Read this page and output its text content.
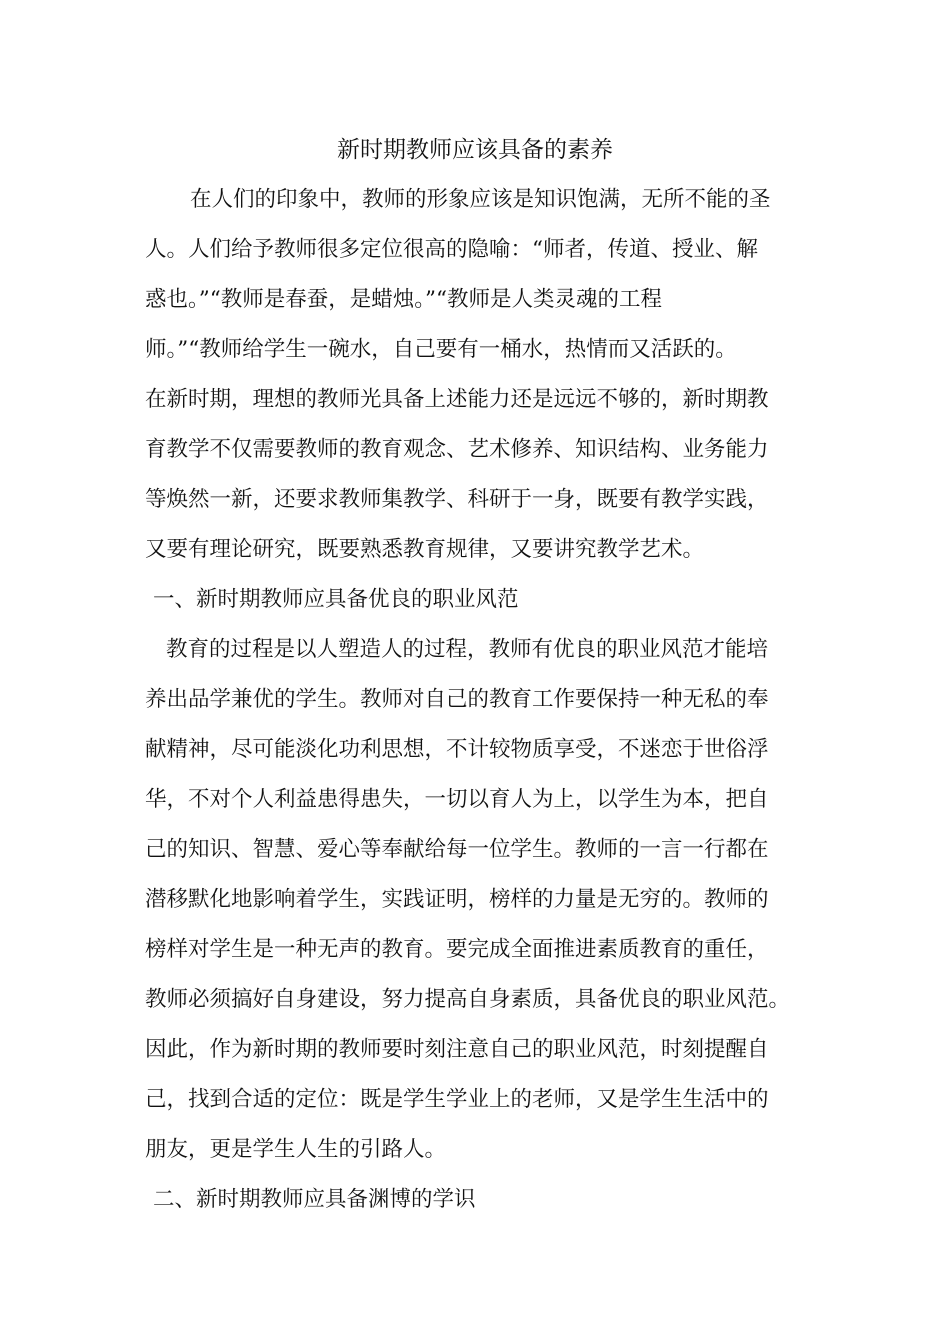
新时期教师应该具备的素养
在人们的印象中，教师的形象应该是知识饱满，无所不能的圣
人。人们给予教师很多定位很高的隐喻：“师者，传道、授业、解
惑也。”“教师是春蚕，是蜡烛。”“教师是人类灵魂的工程
师。”“教师给学生一碗水，自己要有一桶水，热情而又活跃的。
在新时期，理想的教师光具备上述能力还是远远不够的，新时期教
育教学不仅需要教师的教育观念、艺术修养、知识结构、业务能力
等焕然一新，还要求教师集教学、科研于一身，既要有教学实践，
又要有理论研究，既要熟悉教育规律，又要讲究教学艺术。
一、新时期教师应具备优良的职业风范
教育的过程是以人塑造人的过程，教师有优良的职业风范才能培
养出品学兼优的学生。教师对自己的教育工作要保持一种无私的奉
献精神，尽可能淡化功利思想，不计较物质享受，不迷恋于世俗浮
华，不对个人利益患得患失，一切以育人为上，以学生为本，把自
己的知识、智慧、爱心等奉献给每一位学生。教师的一言一行都在
潜移默化地影响着学生，实践证明，榜样的力量是无穷的。教师的
榜样对学生是一种无声的教育。要完成全面推进素质教育的重任，
教师必须搞好自身建设，努力提高自身素质，具备优良的职业风范。
因此，作为新时期的教师要时刻注意自己的职业风范，时刻提醒自
己，找到合适的定位：既是学生学业上的老师，又是学生生活中的
朋友，更是学生人生的引路人。
二、新时期教师应具备渊博的学识
